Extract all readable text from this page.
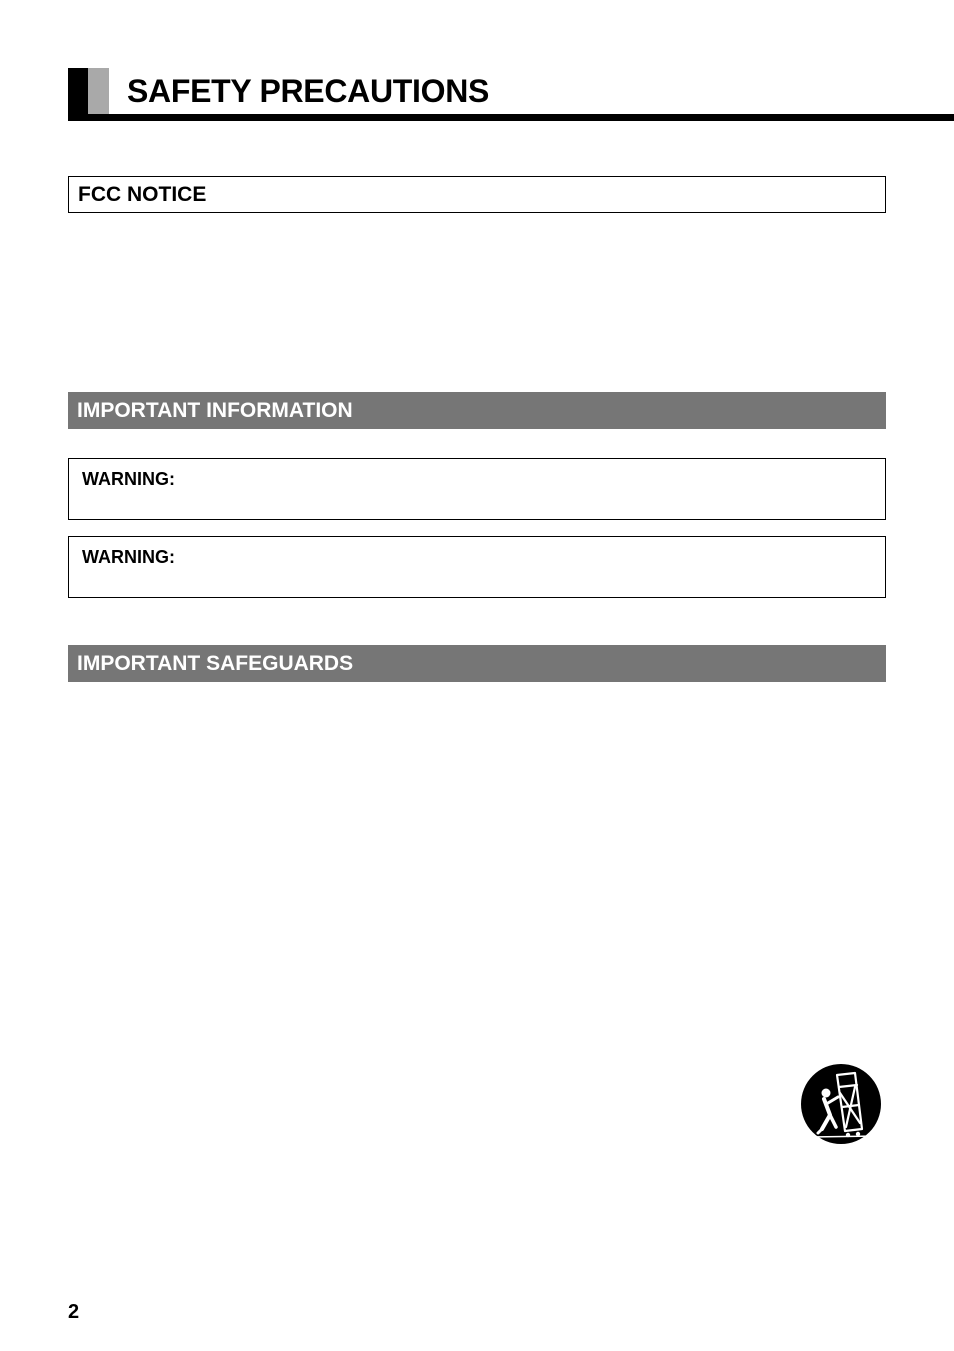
SAFETY PRECAUTIONS
FCC NOTICE
IMPORTANT INFORMATION
WARNING:
WARNING:
IMPORTANT SAFEGUARDS
2
